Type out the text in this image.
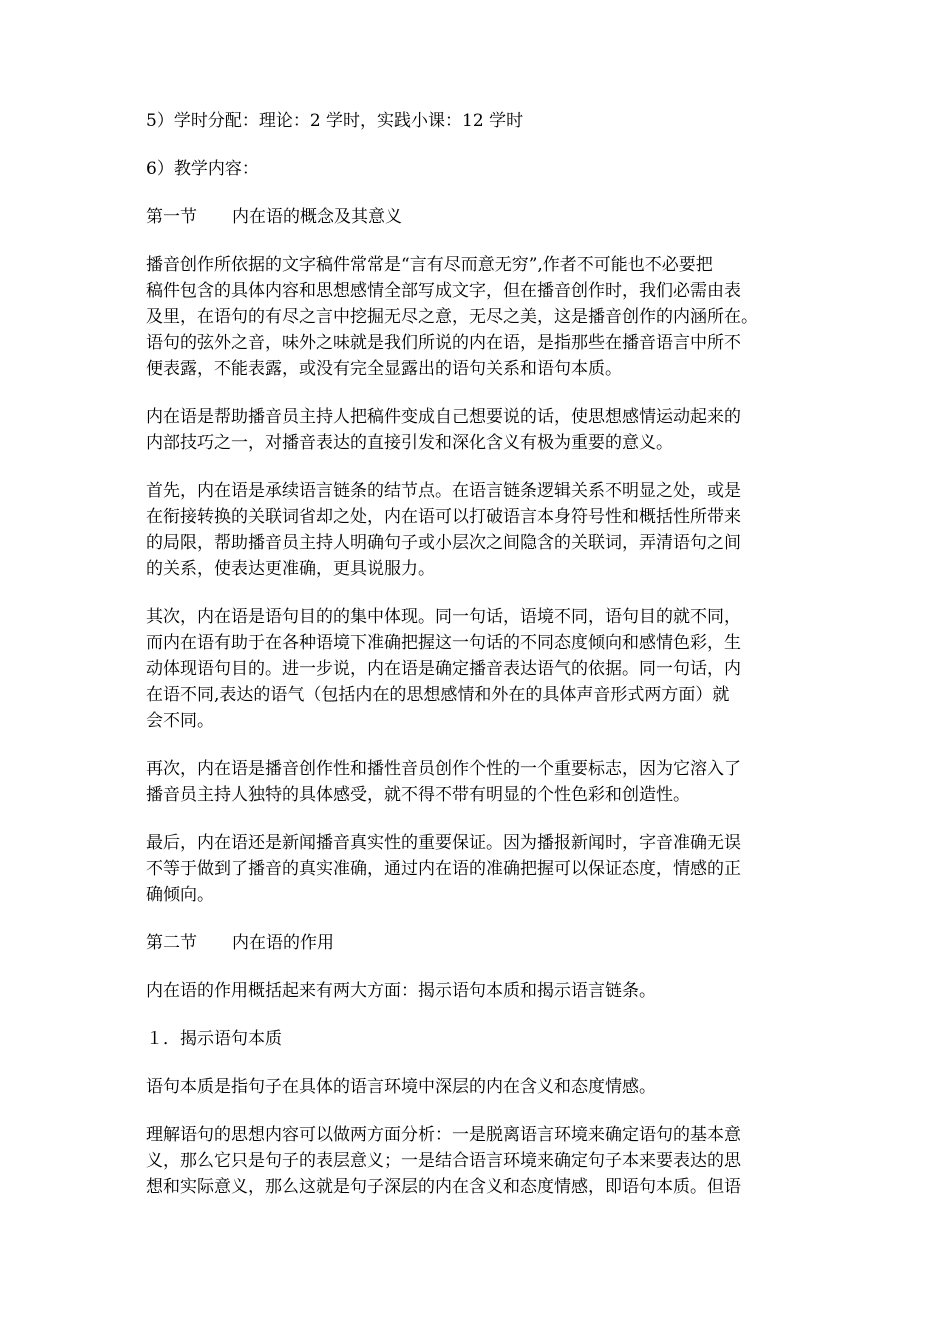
5）学时分配：理论：2 学时，实践小课：12 学时

6）教学内容：

第一节 内在语的概念及其意义

播音创作所依据的文字稿件常常是“言有尽而意无穷”,作者不可能也不必要把

稿件包含的具体内容和思想感情全部写成文字，但在播音创作时，我们必需由表

及里，在语句的有尽之言中挖掘无尽之意，无尽之美，这是播音创作的内涵所在。

语句的弦外之音，味外之味就是我们所说的内在语，是指那些在播音语言中所不

便表露，不能表露，或没有完全显露出的语句关系和语句本质。

内在语是帮助播音员主持人把稿件变成自己想要说的话，使思想感情运动起来的

内部技巧之一，对播音表达的直接引发和深化含义有极为重要的意义。

首先，内在语是承续语言链条的结节点。在语言链条逻辑关系不明显之处，或是

在衔接转换的关联词省却之处，内在语可以打破语言本身符号性和概括性所带来

的局限，帮助播音员主持人明确句子或小层次之间隐含的关联词，弄清语句之间

的关系，使表达更准确，更具说服力。

其次，内在语是语句目的的集中体现。同一句话，语境不同，语句目的就不同，

而内在语有助于在各种语境下准确把握这一句话的不同态度倾向和感情色彩，生

动体现语句目的。进一步说，内在语是确定播音表达语气的依据。同一句话，内

在语不同,表达的语气（包括内在的思想感情和外在的具体声音形式两方面）就

会不同。

再次，内在语是播音创作性和播性音员创作个性的一个重要标志，因为它溶入了

播音员主持人独特的具体感受，就不得不带有明显的个性色彩和创造性。

最后，内在语还是新闻播音真实性的重要保证。因为播报新闻时，字音准确无误

不等于做到了播音的真实准确，通过内在语的准确把握可以保证态度，情感的正

确倾向。

第二节 内在语的作用

内在语的作用概括起来有两大方面：揭示语句本质和揭示语言链条。

１．揭示语句本质

语句本质是指句子在具体的语言环境中深层的内在含义和态度情感。

理解语句的思想内容可以做两方面分析：一是脱离语言环境来确定语句的基本意

义，那么它只是句子的表层意义；一是结合语言环境来确定句子本来要表达的思

想和实际意义，那么这就是句子深层的内在含义和态度情感，即语句本质。但语
